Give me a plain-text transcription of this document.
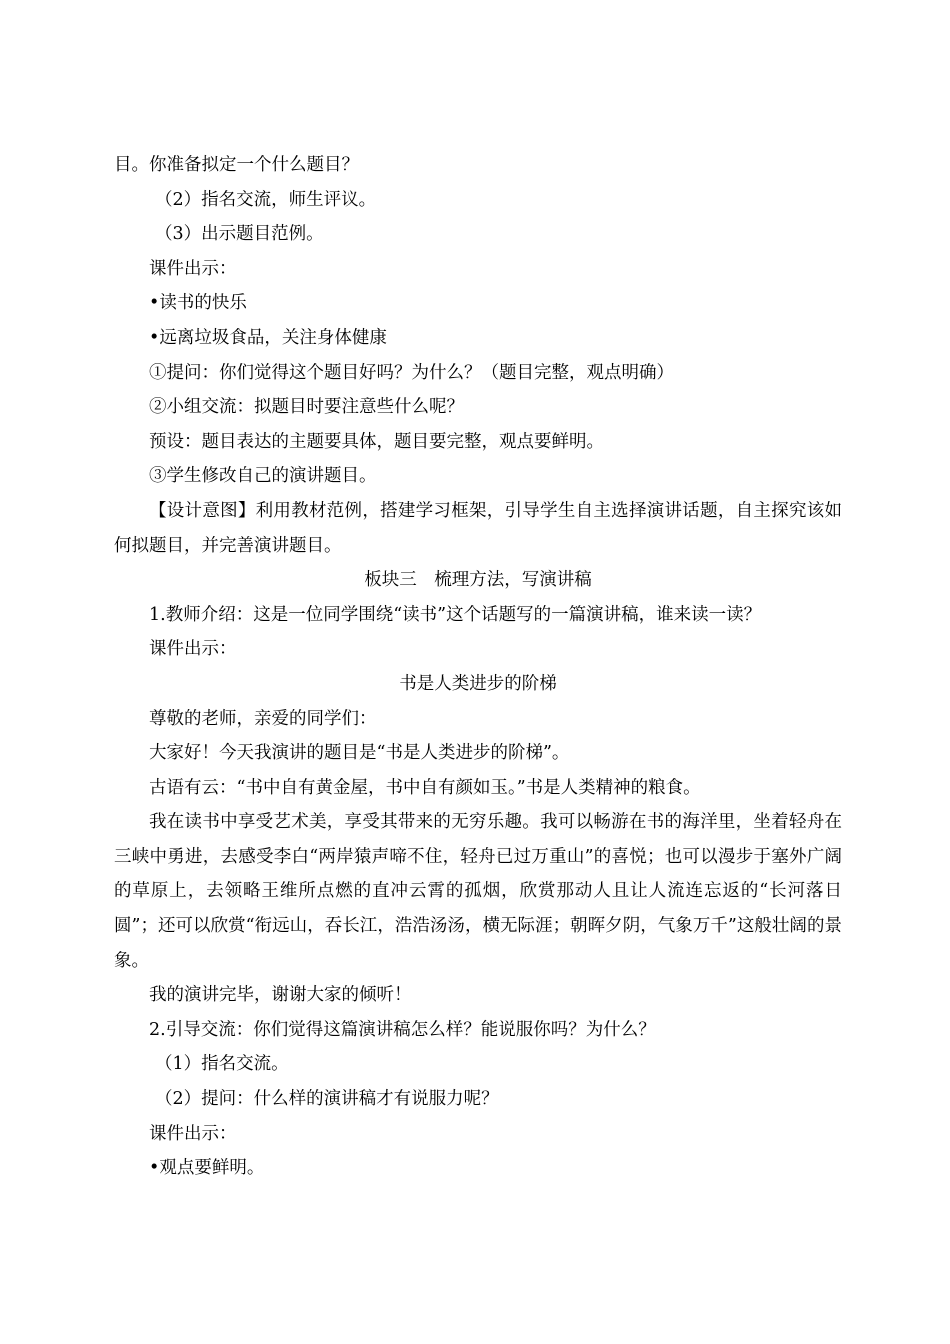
目。你准备拟定一个什么题目？
（2）指名交流，师生评议。
（3）出示题目范例。
课件出示：
•读书的快乐
•远离垃圾食品，关注身体健康
①提问：你们觉得这个题目好吗？为什么？（题目完整，观点明确）
②小组交流：拟题目时要注意些什么呢？
预设：题目表达的主题要具体，题目要完整，观点要鲜明。
③学生修改自己的演讲题目。
【设计意图】利用教材范例，搭建学习框架，引导学生自主选择演讲话题，自主探究该如何拟题目，并完善演讲题目。
板块三　梳理方法，写演讲稿
1.教师介绍：这是一位同学围绕“读书”这个话题写的一篇演讲稿，谁来读一读？
课件出示：
书是人类进步的阶梯
尊敬的老师，亲爱的同学们：
大家好！今天我演讲的题目是“书是人类进步的阶梯”。
古语有云：“书中自有黄金屋，书中自有颜如玉。”书是人类精神的粮食。
我在读书中享受艺术美，享受其带来的无穷乐趣。我可以畅游在书的海洋里，坐着轻舟在三峡中勇进，去感受李白“两岸猿声啼不住，轻舟已过万重山”的喜悦；也可以漫步于塞外广阔的草原上，去领略王维所点燃的直冲云霄的孤烟，欣赏那动人且让人流连忘返的“长河落日圆”；还可以欣赏“衔远山，吞长江，浩浩汤汤，横无际涯；朝晖夕阴，气象万千”这般壮阔的景象。
我的演讲完毕，谢谢大家的倾听！
2.引导交流：你们觉得这篇演讲稿怎么样？能说服你吗？为什么？
（1）指名交流。
（2）提问：什么样的演讲稿才有说服力呢？
课件出示：
•观点要鲜明。
